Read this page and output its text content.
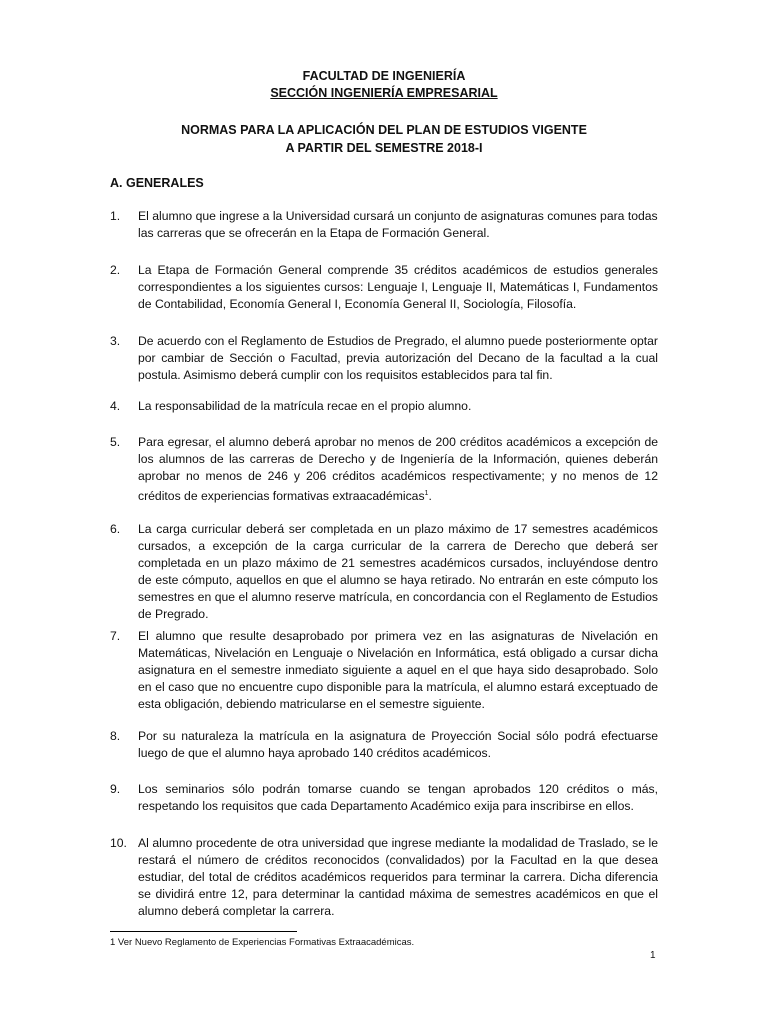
FACULTAD DE INGENIERÍA
SECCIÓN INGENIERÍA EMPRESARIAL
NORMAS PARA LA APLICACIÓN DEL PLAN DE ESTUDIOS VIGENTE
A PARTIR DEL SEMESTRE 2018-I
A. GENERALES
1.	El alumno que ingrese a la Universidad cursará un conjunto de asignaturas comunes para todas las carreras que se ofrecerán en la Etapa de Formación General.
2.	La Etapa de Formación General comprende 35 créditos académicos de estudios generales correspondientes a los siguientes cursos: Lenguaje I, Lenguaje II, Matemáticas I, Fundamentos de Contabilidad, Economía General I, Economía General II, Sociología, Filosofía.
3.	De acuerdo con el Reglamento de Estudios de Pregrado, el alumno puede posteriormente optar por cambiar de Sección o Facultad, previa autorización del Decano de la facultad a la cual postula. Asimismo deberá cumplir con los requisitos establecidos para tal fin.
4.	La responsabilidad de la matrícula recae en el propio alumno.
5.	Para egresar, el alumno deberá aprobar no menos de 200 créditos académicos a excepción de los alumnos de las carreras de Derecho y de Ingeniería de la Información, quienes deberán aprobar no menos de 246 y 206 créditos académicos respectivamente; y no menos de 12 créditos de experiencias formativas extraacadémicas$^1$.
6.	La carga curricular deberá ser completada en un plazo máximo de 17 semestres académicos cursados, a excepción de la carga curricular de la carrera de Derecho que deberá ser completada en un plazo máximo de 21 semestres académicos cursados, incluyéndose dentro de este cómputo, aquellos en que el alumno se haya retirado. No entrarán en este cómputo los semestres en que el alumno reserve matrícula, en concordancia con el Reglamento de Estudios de Pregrado.
7.	El alumno que resulte desaprobado por primera vez en las asignaturas de Nivelación en Matemáticas, Nivelación en Lenguaje o Nivelación en Informática, está obligado a cursar dicha asignatura en el semestre inmediato siguiente a aquel en el que haya sido desaprobado. Solo en el caso que no encuentre cupo disponible para la matrícula, el alumno estará exceptuado de esta obligación, debiendo matricularse en el semestre siguiente.
8.	Por su naturaleza la matrícula en la asignatura de Proyección Social sólo podrá efectuarse luego de que el alumno haya aprobado 140 créditos académicos.
9.	Los seminarios sólo podrán tomarse cuando se tengan aprobados 120 créditos o más, respetando los requisitos que cada Departamento Académico exija para inscribirse en ellos.
10. Al alumno procedente de otra universidad que ingrese mediante la modalidad de Traslado, se le restará el número de créditos reconocidos (convalidados) por la Facultad en la que desea estudiar, del total de créditos académicos requeridos para terminar la carrera. Dicha diferencia se dividirá entre 12, para determinar la cantidad máxima de semestres académicos en que el alumno deberá completar la carrera.
1 Ver Nuevo Reglamento de Experiencias Formativas Extraacadémicas.
1
